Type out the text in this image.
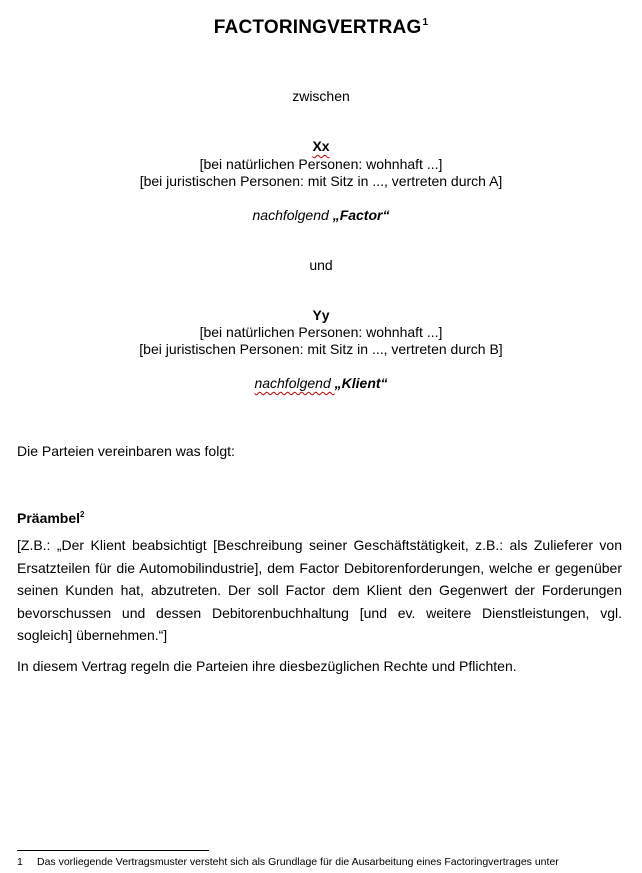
FACTORINGVERTRAG$^1$
zwischen
Xx
[bei natürlichen Personen: wohnhaft ...]
[bei juristischen Personen: mit Sitz in ..., vertreten durch A]
nachfolgend „Factor“
und
Yy
[bei natürlichen Personen: wohnhaft ...]
[bei juristischen Personen: mit Sitz in ..., vertreten durch B]
nachfolgend „Klient“
Die Parteien vereinbaren was folgt:
Präambel$^2$
[Z.B.: „Der Klient beabsichtigt [Beschreibung seiner Geschäftstätigkeit, z.B.: als Zulieferer von Ersatzteilen für die Automobilindustrie], dem Factor Debitorenforderungen, welche er gegenüber seinen Kunden hat, abzutreten. Der soll Factor dem Klient den Gegenwert der Forderungen bevorschussen und dessen Debitorenbuchhaltung [und ev. weitere Dienstleistungen, vgl. sogleich] übernehmen.“]
In diesem Vertrag regeln die Parteien ihre diesbezüglichen Rechte und Pflichten.
1 Das vorliegende Vertragsmuster versteht sich als Grundlage für die Ausarbeitung eines Factoringvertrages unter
